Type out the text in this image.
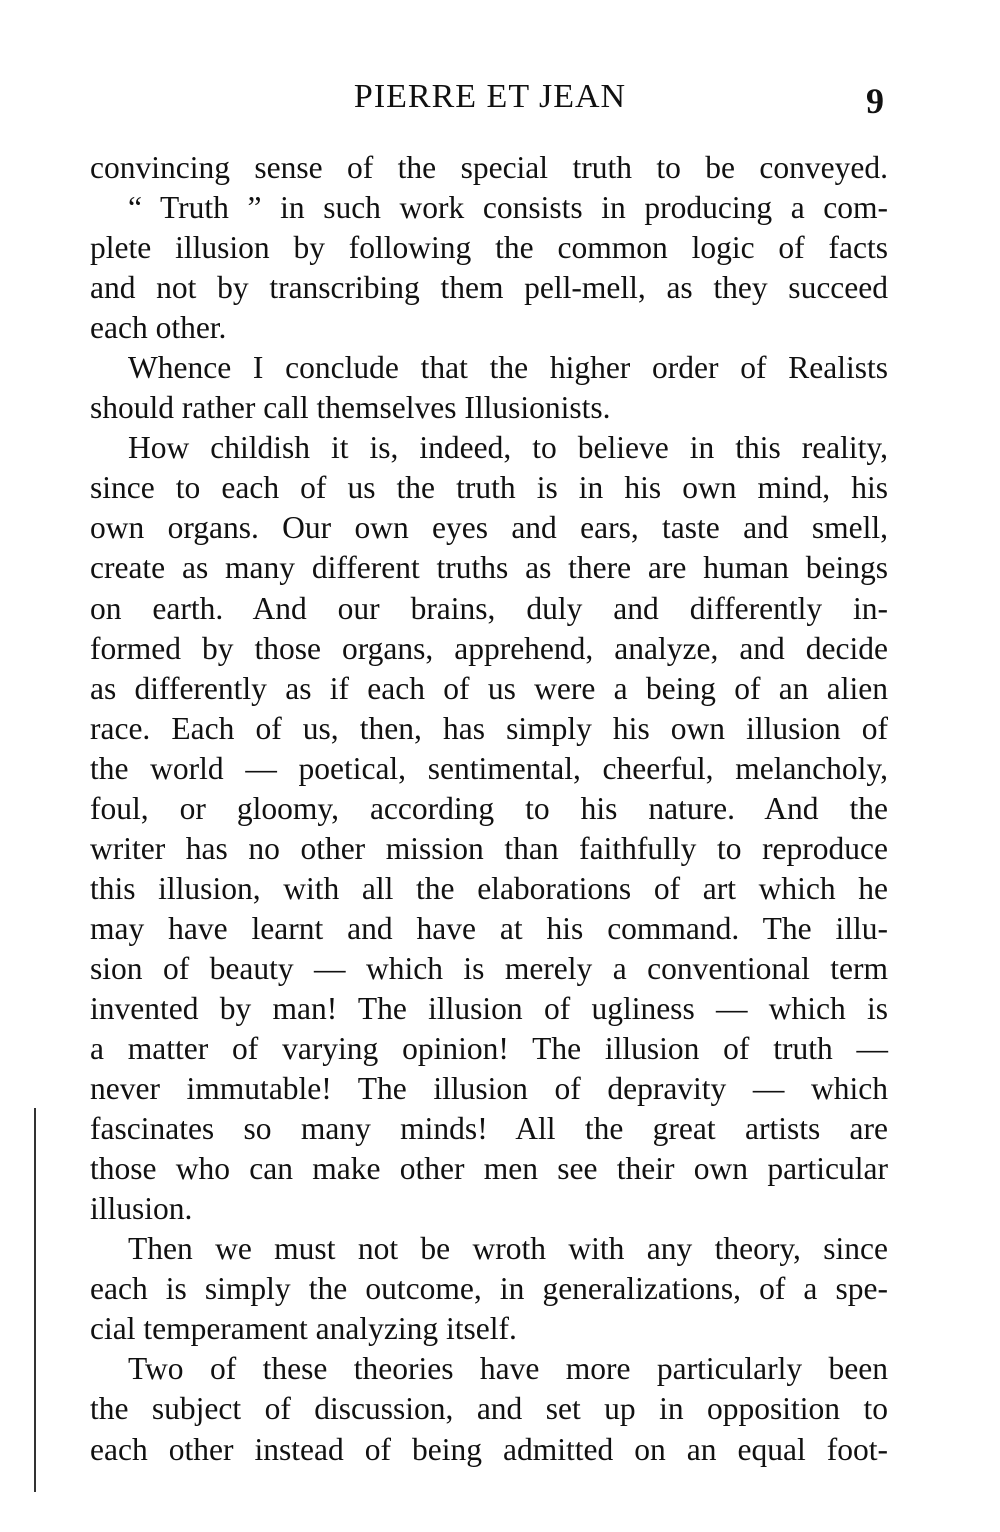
PIERRE ET JEAN	9
convincing sense of the special truth to be conveyed.
“ Truth ” in such work consists in producing a com-
plete illusion by following the common logic of facts
and not by transcribing them pell-mell, as they succeed
each other.
Whence I conclude that the higher order of Realists
should rather call themselves Illusionists.
How childish it is, indeed, to believe in this reality,
since to each of us the truth is in his own mind, his
own organs. Our own eyes and ears, taste and smell,
create as many different truths as there are human beings
on earth. And our brains, duly and differently in-
formed by those organs, apprehend, analyze, and decide
as differently as if each of us were a being of an alien
race. Each of us, then, has simply his own illusion of
the world — poetical, sentimental, cheerful, melancholy,
foul, or gloomy, according to his nature. And the
writer has no other mission than faithfully to reproduce
this illusion, with all the elaborations of art which he
may have learnt and have at his command. The illu-
sion of beauty — which is merely a conventional term
invented by man! The illusion of ugliness — which is
a matter of varying opinion! The illusion of truth —
never immutable! The illusion of depravity — which
fascinates so many minds! All the great artists are
those who can make other men see their own particular
illusion.
Then we must not be wroth with any theory, since
each is simply the outcome, in generalizations, of a spe-
cial temperament analyzing itself.
Two of these theories have more particularly been
the subject of discussion, and set up in opposition to
each other instead of being admitted on an equal foot-
